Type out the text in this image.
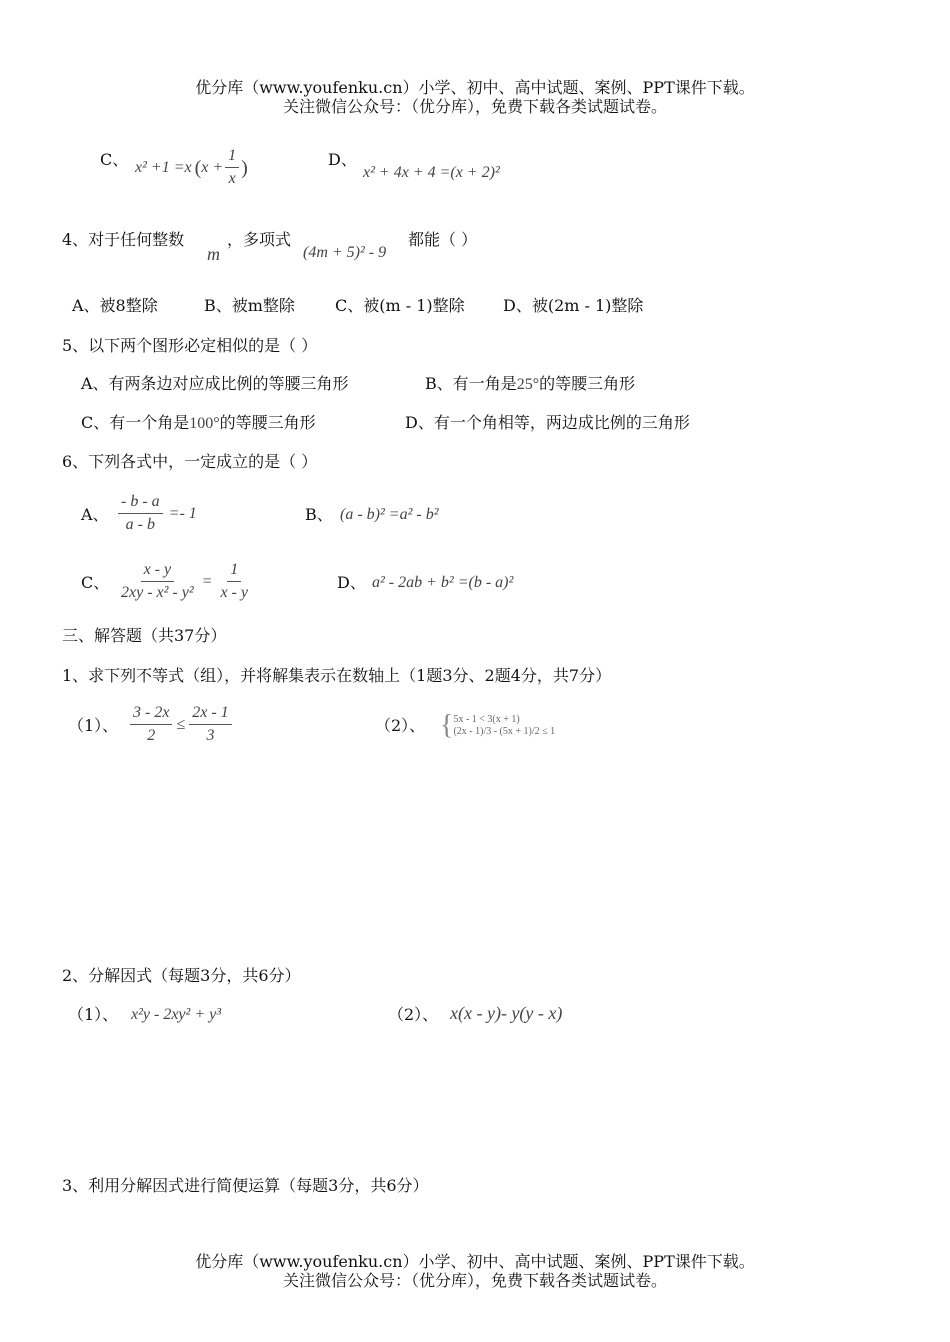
优分库（www.youfenku.cn）小学、初中、高中试题、案例、PPT课件下载。
关注微信公众号：（优分库），免费下载各类试题试卷。
C、 x² +1 =x ( $x + \frac{1}{x}$ )	D、
x² + 4x + 4 =(x + 2)²
4、对于任何整数
m
，多项式
(4m + 5)² - 9
都能（ ）
A、被8整除	B、被m整除	C、被(m - 1)整除 D、被(2m - 1)整除
5、以下两个图形必定相似的是（ ）
A、有两条边对应成比例的等腰三角形	B、有一角是25°的等腰三角形
C、有一个角是100°的等腰三角形	D、有一个角相等，两边成比例的三角形
6、下列各式中，一定成立的是（ ）
A、 $\frac{- b - a}{a - b} =- 1$	B、 (a - b)² =a² - b²
C、 $\frac{x - y}{\text{2xy - x² - y²}} = \frac{1}{x - y}$	D、 a² - 2ab + b² =(b - a)²
三、解答题（共37分）
1、求下列不等式（组），并将解集表示在数轴上（1题3分、2题4分，共7分）
（1）、 $\frac{3 - 2x}{2} \le \frac{2x - 1}{3}$	（2）、 { 5x - 1 < 3(x + 1)
(2x - 1)/3 - (5x + 1)/2 ≤ 1
2、分解因式（每题3分，共6分）
（1）、 x²y - 2xy² + y³	（2）、 x(x - y)- y(y - x)
3、利用分解因式进行简便运算（每题3分，共6分）
优分库（www.youfenku.cn）小学、初中、高中试题、案例、PPT课件下载。
关注微信公众号：（优分库），免费下载各类试题试卷。
